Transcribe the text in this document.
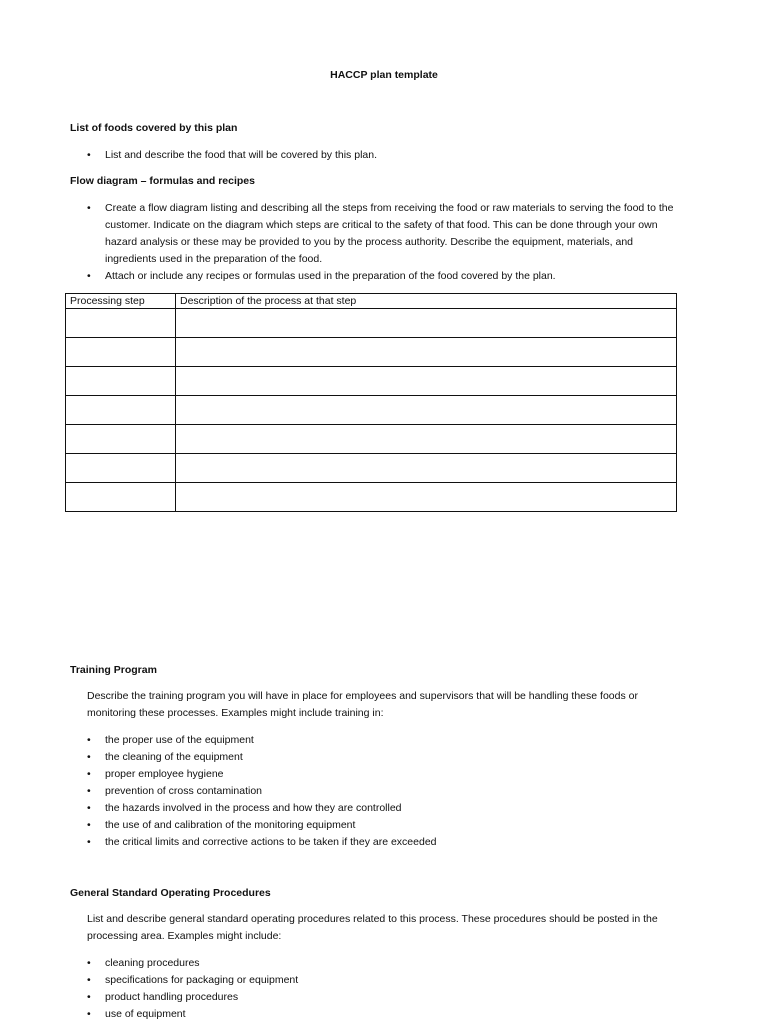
HACCP plan template
List of foods covered by this plan
• List and describe the food that will be covered by this plan.
Flow diagram – formulas and recipes
• Create a flow diagram listing and describing all the steps from receiving the food or raw materials to serving the food to the customer. Indicate on the diagram which steps are critical to the safety of that food. This can be done through your own hazard analysis or these may be provided to you by the process authority. Describe the equipment, materials, and ingredients used in the preparation of the food.
• Attach or include any recipes or formulas used in the preparation of the food covered by the plan.
Processing step	Description of the process at that step

Training Program
Describe the training program you will have in place for employees and supervisors that will be handling these foods or monitoring these processes. Examples might include training in:
• the proper use of the equipment
• the cleaning of the equipment
• proper employee hygiene
• prevention of cross contamination
• the hazards involved in the process and how they are controlled
• the use of and calibration of the monitoring equipment
• the critical limits and corrective actions to be taken if they are exceeded
General Standard Operating Procedures
List and describe general standard operating procedures related to this process. These procedures should be posted in the processing area. Examples might include:
• cleaning procedures
• specifications for packaging or equipment
• product handling procedures
• use of equipment
